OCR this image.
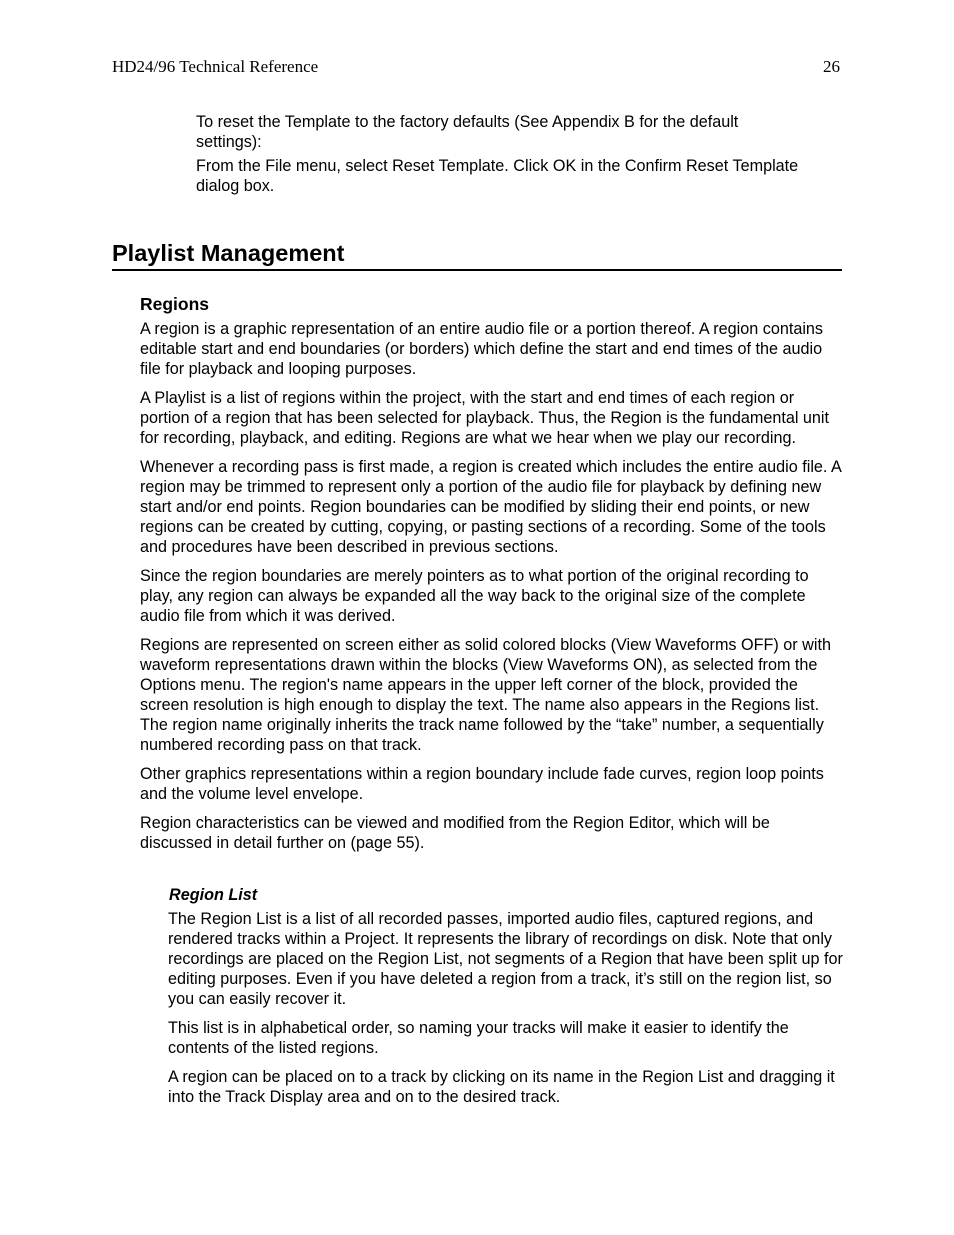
HD24/96 Technical Reference	26

To reset the Template to the factory defaults (See Appendix B for the default settings):

From the File menu, select Reset Template. Click OK in the Confirm Reset Template dialog box.

Playlist Management
Regions

A region is a graphic representation of an entire audio file or a portion thereof. A region contains editable start and end boundaries (or borders) which define the start and end times of the audio file for playback and looping purposes.

A Playlist is a list of regions within the project, with the start and end times of each region or portion of a region that has been selected for playback. Thus, the Region is the fundamental unit for recording, playback, and editing. Regions are what we hear when we play our recording.

Whenever a recording pass is first made, a region is created which includes the entire audio file. A region may be trimmed to represent only a portion of the audio file for playback by defining new start and/or end points. Region boundaries can be modified by sliding their end points, or new regions can be created by cutting, copying, or pasting sections of a recording. Some of the tools and procedures have been described in previous sections.

Since the region boundaries are merely pointers as to what portion of the original recording to play, any region can always be expanded all the way back to the original size of the complete audio file from which it was derived.

Regions are represented on screen either as solid colored blocks (View Waveforms OFF) or with waveform representations drawn within the blocks (View Waveforms ON), as selected from the Options menu. The region's name appears in the upper left corner of the block, provided the screen resolution is high enough to display the text. The name also appears in the Regions list. The region name originally inherits the track name followed by the “take” number, a sequentially numbered recording pass on that track.

Other graphics representations within a region boundary include fade curves, region loop points and the volume level envelope.

Region characteristics can be viewed and modified from the Region Editor, which will be discussed in detail further on (page 55).

Region List

The Region List is a list of all recorded passes, imported audio files, captured regions, and rendered tracks within a Project. It represents the library of recordings on disk. Note that only recordings are placed on the Region List, not segments of a Region that have been split up for editing purposes. Even if you have deleted a region from a track, it’s still on the region list, so you can easily recover it.

This list is in alphabetical order, so naming your tracks will make it easier to identify the contents of the listed regions.

A region can be placed on to a track by clicking on its name in the Region List and dragging it into the Track Display area and on to the desired track.
